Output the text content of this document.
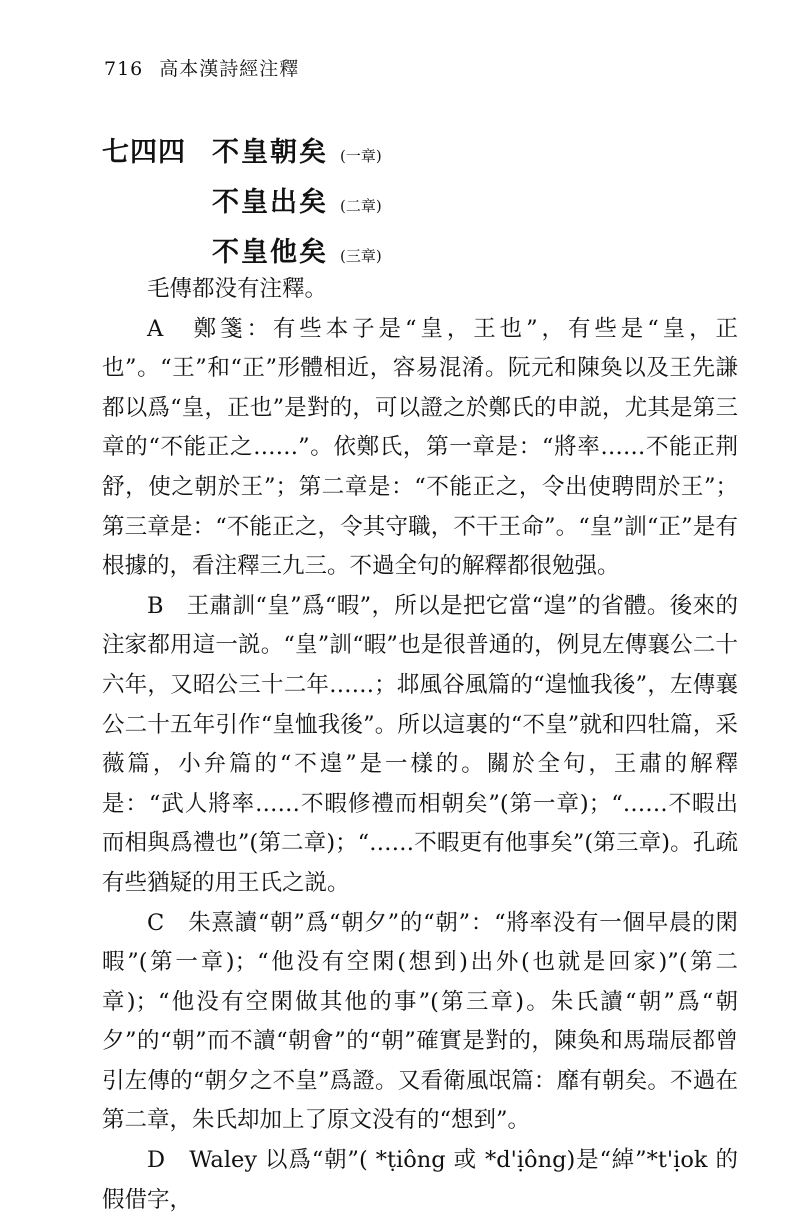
716 高本漢詩經注釋
七四四 不皇朝矣 (一章)
不皇出矣 (二章)
不皇他矣 (三章)

毛傳都没有注釋。

A　鄭箋：有些本子是“皇，王也”，有些是“皇，正也”。“王”和“正”形體相近，容易混淆。阮元和陳奐以及王先謙都以爲“皇，正也”是對的，可以證之於鄭氏的申説，尤其是第三章的“不能正之……”。依鄭氏，第一章是：“將率……不能正荆舒，使之朝於王”；第二章是：“不能正之，令出使聘問於王”；第三章是：“不能正之，令其守職，不干王命”。“皇”訓“正”是有根據的，看注釋三九三。不過全句的解釋都很勉强。

B　王肅訓“皇”爲“暇”，所以是把它當“遑”的省體。後來的注家都用這一説。“皇”訓“暇”也是很普通的，例見左傳襄公二十六年，又昭公三十二年……；邶風谷風篇的“遑恤我後”，左傳襄公二十五年引作“皇恤我後”。所以這裏的“不皇”就和四牡篇，采薇篇，小弁篇的“不遑”是一樣的。關於全句，王肅的解釋是：“武人將率……不暇修禮而相朝矣”(第一章)；“……不暇出而相與爲禮也”(第二章)；“……不暇更有他事矣”(第三章)。孔疏有些猶疑的用王氏之説。

C　朱熹讀“朝”爲“朝夕”的“朝”：“將率没有一個早晨的閑暇”(第一章)；“他没有空閑(想到)出外(也就是回家)”(第二章)；“他没有空閑做其他的事”(第三章)。朱氏讀“朝”爲“朝夕”的“朝”而不讀“朝會”的“朝”確實是對的，陳奐和馬瑞辰都曾引左傳的“朝夕之不皇”爲證。又看衛風氓篇：靡有朝矣。不過在第二章，朱氏却加上了原文没有的“想到”。

D　Waley 以爲“朝”( *ṭiông 或 *d'ịông)是“綽”*t'ịok 的假借字，
